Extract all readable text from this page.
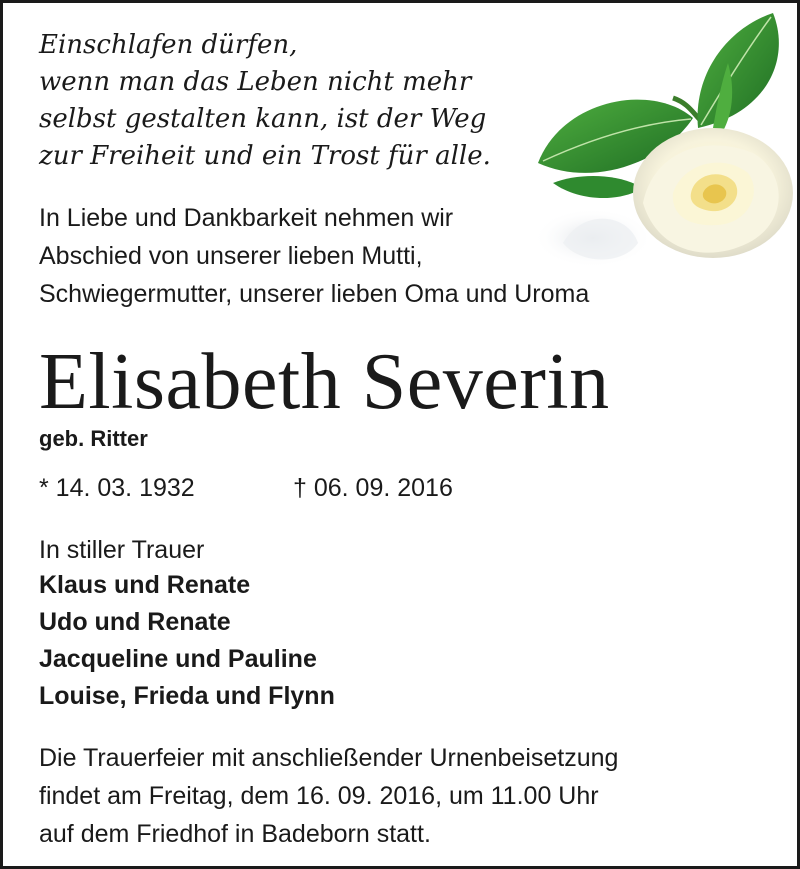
Einschlafen dürfen,
wenn man das Leben nicht mehr
selbst gestalten kann, ist der Weg
zur Freiheit und ein Trost für alle.
In Liebe und Dankbarkeit nehmen wir
Abschied von unserer lieben Mutti,
Schwiegermutter, unserer lieben Oma und Uroma
Elisabeth Severin
geb. Ritter
* 14. 03. 1932	† 06. 09. 2016
In stiller Trauer
Klaus und Renate
Udo und Renate
Jacqueline und Pauline
Louise, Frieda und Flynn
Die Trauerfeier mit anschließender Urnenbeisetzung
findet am Freitag, dem 16. 09. 2016, um 11.00 Uhr
auf dem Friedhof in Badeborn statt.
